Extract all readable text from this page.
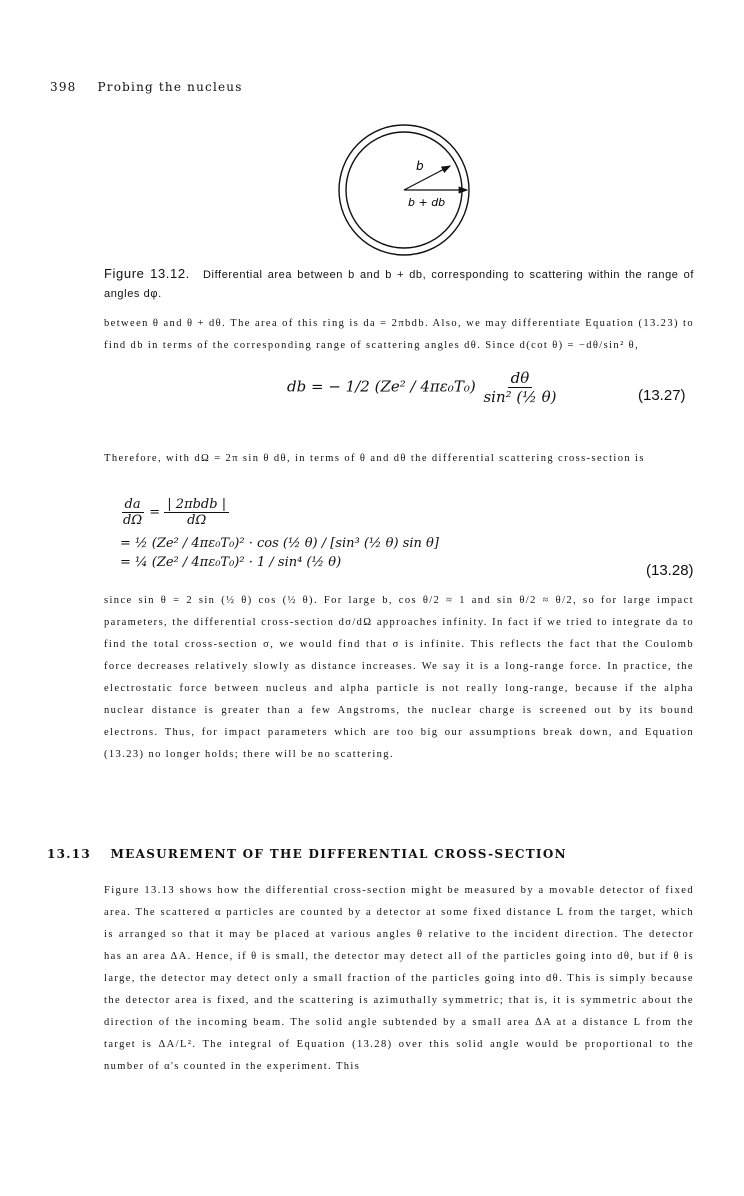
398 Probing the nucleus
b
b + db
Figure 13.12. Differential area between b and b + db, corresponding to scattering within the range of angles dφ.
between θ and θ + dθ. The area of this ring is da = 2πbdb. Also, we may differentiate Equation (13.23) to find db in terms of the corresponding range of scattering angles dθ. Since d(cot θ) = −dθ/sin² θ,
db = − 1/2 $(Ze^2 / 4\pi\varepsilon_0T_0) \frac{d\theta}{\text{sin² (½ θ)}}$	(13.27)
Therefore, with dΩ = 2π sin θ dθ, in terms of θ and dθ the differential scattering cross-section is
$\frac{da}{d\Omega} = \frac{\text{| 2πbdb |}}{d\Omega}$
= ½ (Ze² / 4πε₀T₀)² · cos (½ θ) / [sin³ (½ θ) sin θ]
= ¼ (Ze² / 4πε₀T₀)² · 1 / sin⁴ (½ θ)	(13.28)
since sin θ = 2 sin (½ θ) cos (½ θ). For large b, cos θ/2 ≈ 1 and sin θ/2 ≈ θ/2, so for large impact parameters, the differential cross-section dσ/dΩ approaches infinity. In fact if we tried to integrate da to find the total cross-section σ, we would find that σ is infinite. This reflects the fact that the Coulomb force decreases relatively slowly as distance increases. We say it is a long-range force. In practice, the electrostatic force between nucleus and alpha particle is not really long-range, because if the alpha nuclear distance is greater than a few Angstroms, the nuclear charge is screened out by its bound electrons. Thus, for impact parameters which are too big our assumptions break down, and Equation (13.23) no longer holds; there will be no scattering.
13.13 MEASUREMENT OF THE DIFFERENTIAL CROSS-SECTION
Figure 13.13 shows how the differential cross-section might be measured by a movable detector of fixed area. The scattered α particles are counted by a detector at some fixed distance L from the target, which is arranged so that it may be placed at various angles θ relative to the incident direction. The detector has an area ΔA. Hence, if θ is small, the detector may detect all of the particles going into dθ, but if θ is large, the detector may detect only a small fraction of the particles going into dθ. This is simply because the detector area is fixed, and the scattering is azimuthally symmetric; that is, it is symmetric about the direction of the incoming beam. The solid angle subtended by a small area ΔA at a distance L from the target is ΔA/L². The integral of Equation (13.28) over this solid angle would be proportional to the number of α's counted in the experiment. This
